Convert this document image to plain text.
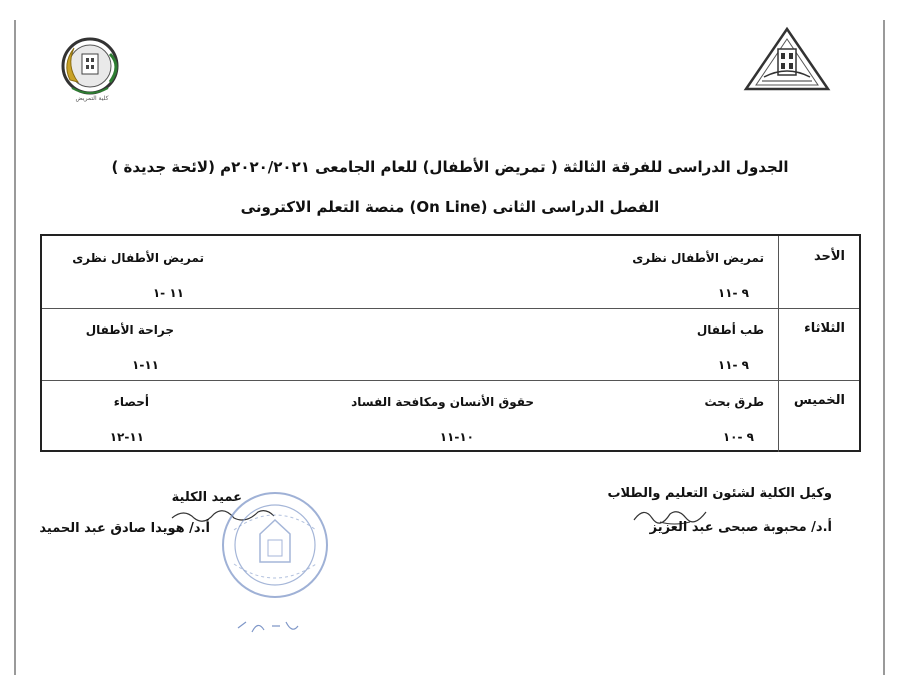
كلية التمريض
الجدول الدراسى للفرقة الثالثة ( تمريض الأطفال) للعام الجامعى ٢٠٢٠/٢٠٢١م (لائحة جديدة )
الفصل الدراسى الثانى (On Line) منصة التعلم الاكترونى
الأحد
تمريض الأطفال نظرى
٩ -١١
تمريض الأطفال نظرى
١١ -١
الثلاثاء
طب أطفال
٩ -١١
جراحة الأطفال
١١-١
الخميس
طرق بحث
٩ -١٠
حقوق الأنسان ومكافحة الفساد
١٠-١١
أحصاء
١١-١٢
وكيل الكلية لشئون التعليم والطلاب
أ.د/ محبوبة صبحى عبد العزيز
عميد الكلية
أ.د/ هويدا صادق عبد الحميد
